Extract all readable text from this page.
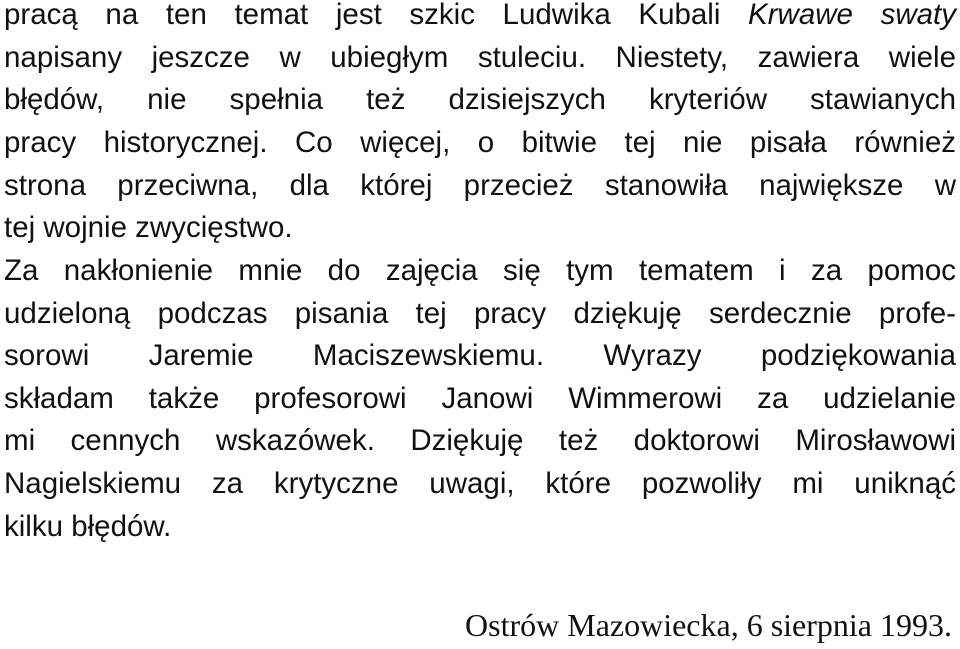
pracą na ten temat jest szkic Ludwika Kubali Krwawe swaty
napisany jeszcze w ubiegłym stuleciu. Niestety, zawiera wiele
błędów, nie spełnia też dzisiejszych kryteriów stawianych
pracy historycznej. Co więcej, o bitwie tej nie pisała również
strona przeciwna, dla której przecież stanowiła największe w
tej wojnie zwycięstwo.
Za nakłonienie mnie do zajęcia się tym tematem i za pomoc
udzieloną podczas pisania tej pracy dziękuję serdecznie profe-
sorowi Jaremie Maciszewskiemu. Wyrazy podziękowania
składam także profesorowi Janowi Wimmerowi za udzielanie
mi cennych wskazówek. Dziękuję też doktorowi Mirosławowi
Nagielskiemu za krytyczne uwagi, które pozwoliły mi uniknąć
kilku błędów.
Ostrów Mazowiecka, 6 sierpnia 1993.
